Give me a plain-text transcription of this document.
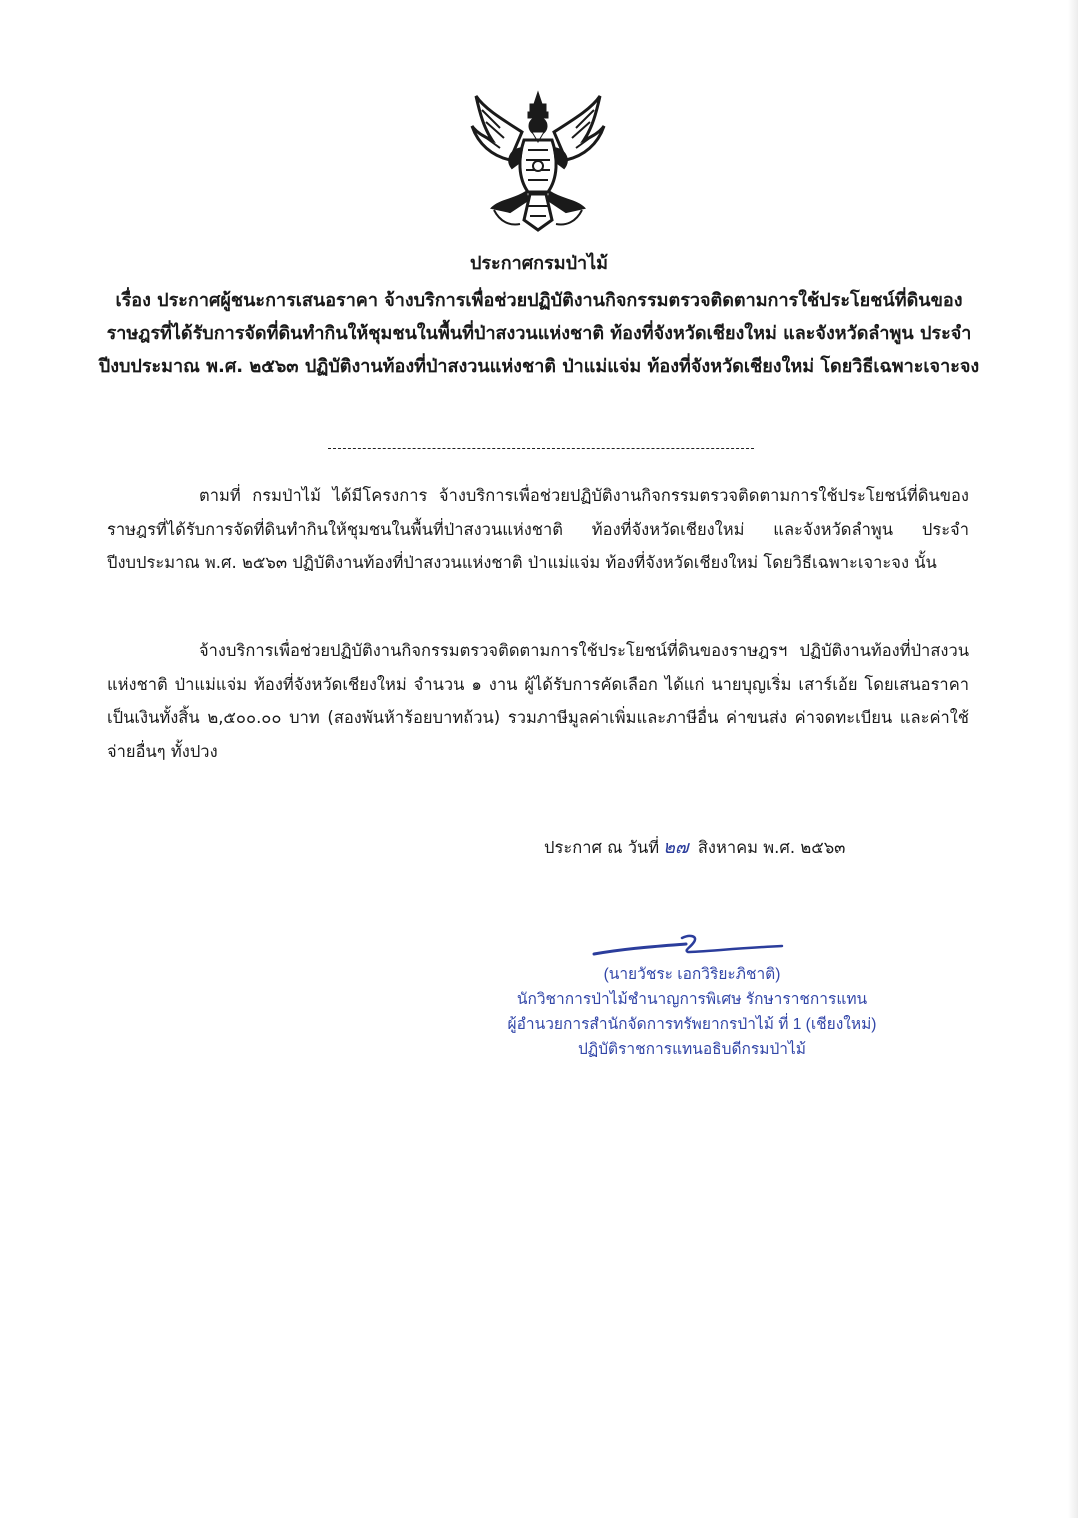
ประกาศกรมป่าไม้
เรื่อง ประกาศผู้ชนะการเสนอราคา จ้างบริการเพื่อช่วยปฏิบัติงานกิจกรรมตรวจติดตามการใช้ประโยชน์ที่ดินของราษฎรที่ได้รับการจัดที่ดินทำกินให้ชุมชนในพื้นที่ป่าสงวนแห่งชาติ ท้องที่จังหวัดเชียงใหม่ และจังหวัดลำพูน ประจำปีงบประมาณ พ.ศ. ๒๕๖๓ ปฏิบัติงานท้องที่ป่าสงวนแห่งชาติ ป่าแม่แจ่ม ท้องที่จังหวัดเชียงใหม่ โดยวิธีเฉพาะเจาะจง
ตามที่ กรมป่าไม้ ได้มีโครงการ จ้างบริการเพื่อช่วยปฏิบัติงานกิจกรรมตรวจติดตามการใช้ประโยชน์ที่ดินของราษฎรที่ได้รับการจัดที่ดินทำกินให้ชุมชนในพื้นที่ป่าสงวนแห่งชาติ ท้องที่จังหวัดเชียงใหม่ และจังหวัดลำพูน ประจำปีงบประมาณ พ.ศ. ๒๕๖๓ ปฏิบัติงานท้องที่ป่าสงวนแห่งชาติ ป่าแม่แจ่ม ท้องที่จังหวัดเชียงใหม่ โดยวิธีเฉพาะเจาะจง นั้น
จ้างบริการเพื่อช่วยปฏิบัติงานกิจกรรมตรวจติดตามการใช้ประโยชน์ที่ดินของราษฎรฯ ปฏิบัติงานท้องที่ป่าสงวนแห่งชาติ ป่าแม่แจ่ม ท้องที่จังหวัดเชียงใหม่ จำนวน ๑ งาน ผู้ได้รับการคัดเลือก ได้แก่ นายบุญเริ่ม เสาร์เอ้ย โดยเสนอราคา เป็นเงินทั้งสิ้น ๒,๕๐๐.๐๐ บาท (สองพันห้าร้อยบาทถ้วน) รวมภาษีมูลค่าเพิ่มและภาษีอื่น ค่าขนส่ง ค่าจดทะเบียน และค่าใช้จ่ายอื่นๆ ทั้งปวง
ประกาศ ณ วันที่ ๒๗ สิงหาคม พ.ศ. ๒๕๖๓
(นายวัชระ เอกวิริยะภิชาติ)
นักวิชาการป่าไม้ชำนาญการพิเศษ รักษาราชการแทน
ผู้อำนวยการสำนักจัดการทรัพยากรป่าไม้ ที่ 1 (เชียงใหม่)
ปฏิบัติราชการแทนอธิบดีกรมป่าไม้
